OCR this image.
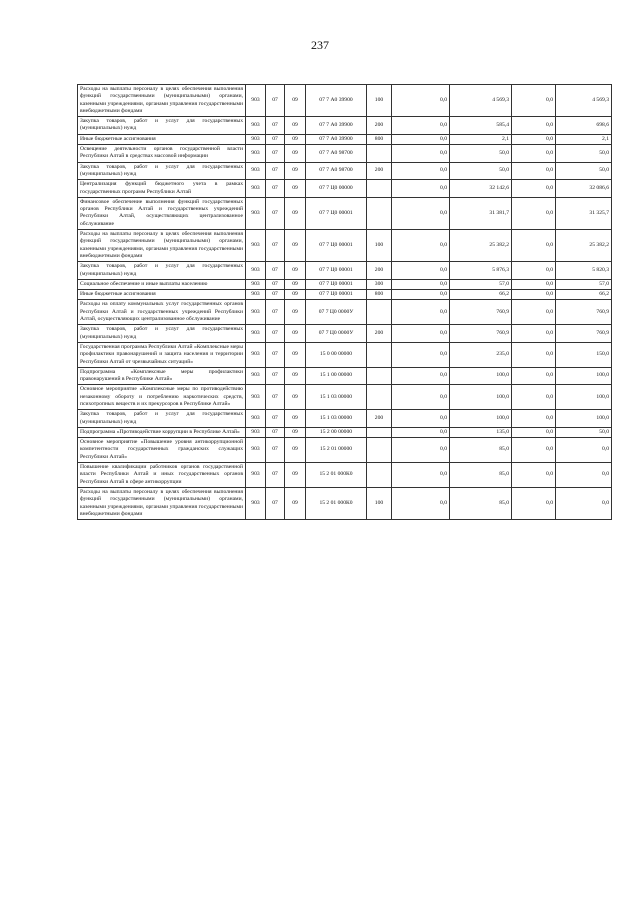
237
Расходы на выплаты персоналу в целях обеспечения выполнения функций государственными (муниципальными) органами, казенными учреждениями, органами управления государственными внебюджетными фондами	903	07	09	07 7 А0 39900	100	0,0	4 569,3	0,0	4 569,3
Закупка товаров, работ и услуг для государственных (муниципальных) нужд	903	07	09	07 7 А0 39900	200	0,0	585,4	0,0	698,6
Иные бюджетные ассигнования	903	07	09	07 7 А0 39900	800	0,0	2,1	0,0	2,1
Освещение деятельности органов государственной власти Республики Алтай в средствах массовой информации	903	07	09	07 7 А0 98700		0,0	50,0	0,0	50,0
Закупка товаров, работ и услуг для государственных (муниципальных) нужд	903	07	09	07 7 А0 98700	200	0,0	50,0	0,0	50,0
Централизация функций бюджетного учета в рамках государственных программ Республики Алтай	903	07	09	07 7 Ц0 00000		0,0	32 142,6	0,0	32 086,6
Финансовое обеспечение выполнения функций государственных органов Республики Алтай и государственных учреждений Республики Алтай, осуществляющих централизованное обслуживание	903	07	09	07 7 Ц0 00001		0,0	31 381,7	0,0	31 325,7
Расходы на выплаты персоналу в целях обеспечения выполнения функций государственными (муниципальными) органами, казенными учреждениями, органами управления государственными внебюджетными фондами	903	07	09	07 7 Ц0 00001	100	0,0	25 382,2	0,0	25 382,2
Закупка товаров, работ и услуг для государственных (муниципальных) нужд	903	07	09	07 7 Ц0 00001	200	0,0	5 876,3	0,0	5 820,3
Социальное обеспечение и иные выплаты населению	903	07	09	07 7 Ц0 00001	300	0,0	57,0	0,0	57,0
Иные бюджетные ассигнования	903	07	09	07 7 Ц0 00001	800	0,0	66,2	0,0	66,2
Расходы на оплату коммунальных услуг государственных органов Республики Алтай и государственных учреждений Республики Алтай, осуществляющих централизованное обслуживание	903	07	09	07 7 Ц0 0000У		0,0	760,9	0,0	760,9
Закупка товаров, работ и услуг для государственных (муниципальных) нужд	903	07	09	07 7 Ц0 0000У	200	0,0	760,9	0,0	760,9
Государственная программа Республики Алтай «Комплексные меры профилактики правонарушений и защита населения и территории Республики Алтай от чрезвычайных ситуаций»	903	07	09	15 0 00 00000		0,0	235,0	0,0	150,0
Подпрограмма «Комплексные меры профилактики правонарушений в Республике Алтай»	903	07	09	15 1 00 00000		0,0	100,0	0,0	100,0
Основное мероприятие «Комплексные меры по противодействию незаконному обороту и потреблению наркотических средств, психотропных веществ и их прекурсоров в Республике Алтай»	903	07	09	15 1 03 00000		0,0	100,0	0,0	100,0
Закупка товаров, работ и услуг для государственных (муниципальных) нужд	903	07	09	15 1 03 00000	200	0,0	100,0	0,0	100,0
Подпрограмма «Противодействие коррупции в Республике Алтай»	903	07	09	15 2 00 00000		0,0	135,0	0,0	50,0
Основное мероприятие «Повышение уровня антикоррупционной компетентности государственных гражданских служащих Республики Алтай»	903	07	09	15 2 01 00000		0,0	85,0	0,0	0,0
Повышение квалификации работников органов государственной власти Республики Алтай и иных государственных органов Республики Алтай в сфере антикоррупции	903	07	09	15 2 01 000К0		0,0	85,0	0,0	0,0
Расходы на выплаты персоналу в целях обеспечения выполнения функций государственными (муниципальными) органами, казенными учреждениями, органами управления государственными внебюджетными фондами	903	07	09	15 2 01 000К0	100	0,0	85,0	0,0	0,0
